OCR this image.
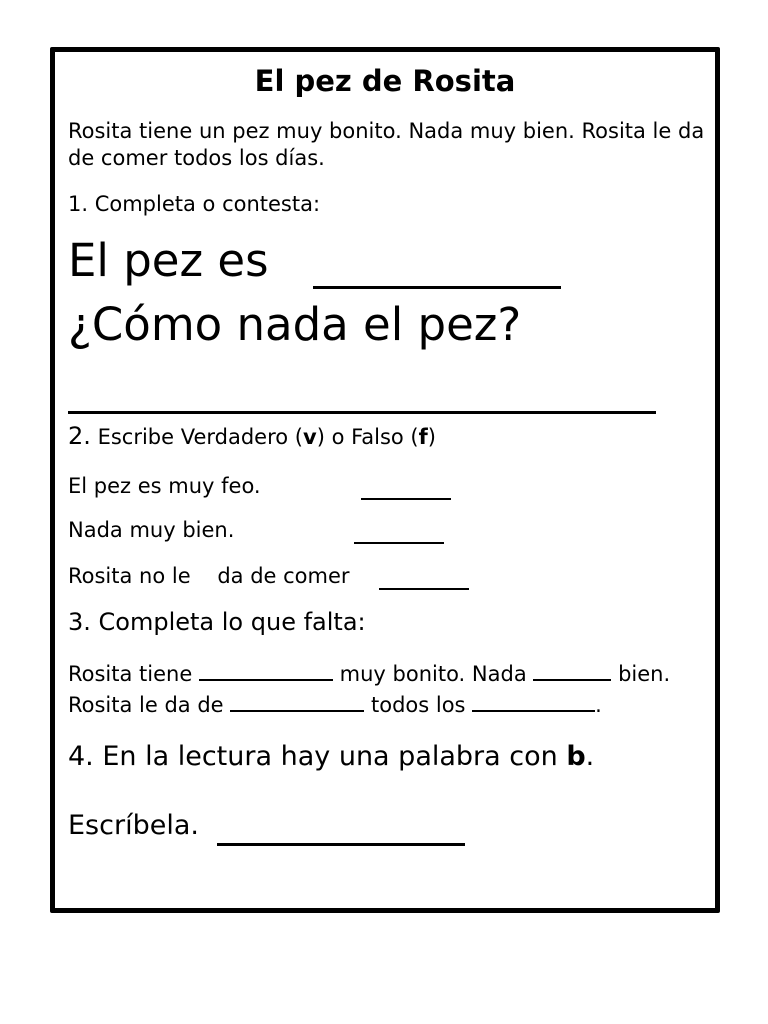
El pez de Rosita
Rosita tiene un pez muy bonito. Nada muy bien. Rosita le da de comer todos los días.
1. Completa o contesta:
El pez es
¿Cómo nada el pez?
2. Escribe Verdadero (v) o Falso (f)
El pez es muy feo.
Nada muy bien.
Rosita no le    da de comer
3. Completa lo que falta:
Rosita tiene	muy bonito. Nada	bien.
Rosita le da de	todos los	.
4. En la lectura hay una palabra con b.
Escríbela.
